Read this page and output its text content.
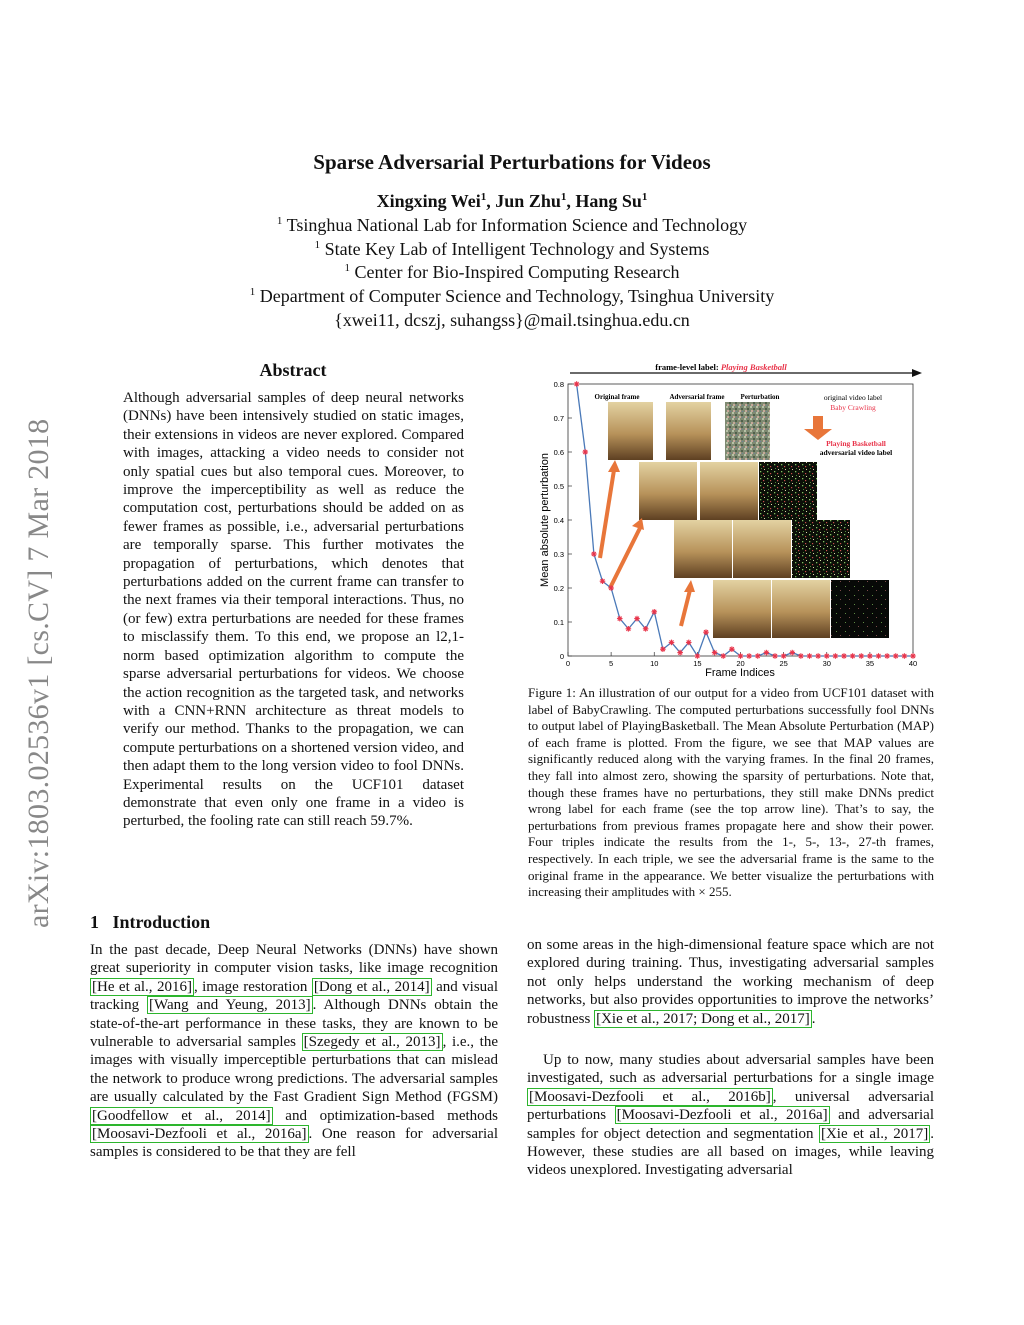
Sparse Adversarial Perturbations for Videos
Xingxing Wei$^1$, Jun Zhu$^1$, Hang Su$^1$
$^1$ Tsinghua National Lab for Information Science and Technology
$^1$ State Key Lab of Intelligent Technology and Systems
$^1$ Center for Bio-Inspired Computing Research
$^1$ Department of Computer Science and Technology, Tsinghua University
{xwei11, dcszj, suhangss}@mail.tsinghua.edu.cn
arXiv:1803.02536v1 [cs.CV] 7 Mar 2018
Abstract

Although adversarial samples of deep neural networks (DNNs) have been intensively studied on static images, their extensions in videos are never explored. Compared with images, attacking a video needs to consider not only spatial cues but also temporal cues. Moreover, to improve the imperceptibility as well as reduce the computation cost, perturbations should be added on as fewer frames as possible, i.e., adversarial perturbations are temporally sparse. This further motivates the propagation of perturbations, which denotes that perturbations added on the current frame can transfer to the next frames via their temporal interactions. Thus, no (or few) extra perturbations are needed for these frames to misclassify them. To this end, we propose an l2,1-norm based optimization algorithm to compute the sparse adversarial perturbations for videos. We choose the action recognition as the targeted task, and networks with a CNN+RNN architecture as threat models to verify our method. Thanks to the propagation, we can compute perturbations on a shortened version video, and then adapt them to the long version video to fool DNNs. Experimental results on the UCF101 dataset demonstrate that even only one frame in a video is perturbed, the fooling rate can still reach 59.7%.

1 Introduction

In the past decade, Deep Neural Networks (DNNs) have shown great superiority in computer vision tasks, like image recognition [He et al., 2016] , image restoration [Dong et al., 2014] and visual tracking [Wang and Yeung, 2013] . Although DNNs obtain the state-of-the-art performance in these tasks, they are known to be vulnerable to adversarial samples [Szegedy et al., 2013] , i.e., the images with visually imperceptible perturbations that can mislead the network to produce wrong predictions. The adversarial samples are usually calculated by the Fast Gradient Sign Method (FGSM) [Goodfellow et al., 2014] and optimization-based methods [Moosavi-Dezfooli et al., 2016a] . One reason for adversarial samples is considered to be that they are fell

frame-level label: Playing Basketball
0
0.1
0.2
0.3
0.4
0.5
0.6
0.7
0.8
0	5	10	15	20	25	30	35	40
Mean absolute perturbation
Frame Indices
Original frame	Adversarial frame Perturbation	original video label
Baby Crawling
Playing Basketball
adversarial video label

Figure 1: An illustration of our output for a video from UCF101 dataset with label of BabyCrawling. The computed perturbations successfully fool DNNs to output label of PlayingBasketball. The Mean Absolute Perturbation (MAP) of each frame is plotted. From the figure, we see that MAP values are significantly reduced along with the varying frames. In the final 20 frames, they fall into almost zero, showing the sparsity of perturbations. Note that, though these frames have no perturbations, they still make DNNs predict wrong label for each frame (see the top arrow line). That’s to say, the perturbations from previous frames propagate here and show their power. Four triples indicate the results from the 1-, 5-, 13-, 27-th frames, respectively. In each triple, we see the adversarial frame is the same to the original frame in the appearance. We better visualize the perturbations with increasing their amplitudes with × 255.

on some areas in the high-dimensional feature space which are not explored during training. Thus, investigating adversarial samples not only helps understand the working mechanism of deep networks, but also provides opportunities to improve the networks’ robustness [Xie et al., 2017; Dong et al., 2017] .

Up to now, many studies about adversarial samples have been investigated, such as adversarial perturbations for a single image [Moosavi-Dezfooli et al., 2016b] , universal adversarial perturbations [Moosavi-Dezfooli et al., 2016a] and adversarial samples for object detection and segmentation [Xie et al., 2017] . However, these studies are all based on images, while leaving videos unexplored. Investigating adversarial
